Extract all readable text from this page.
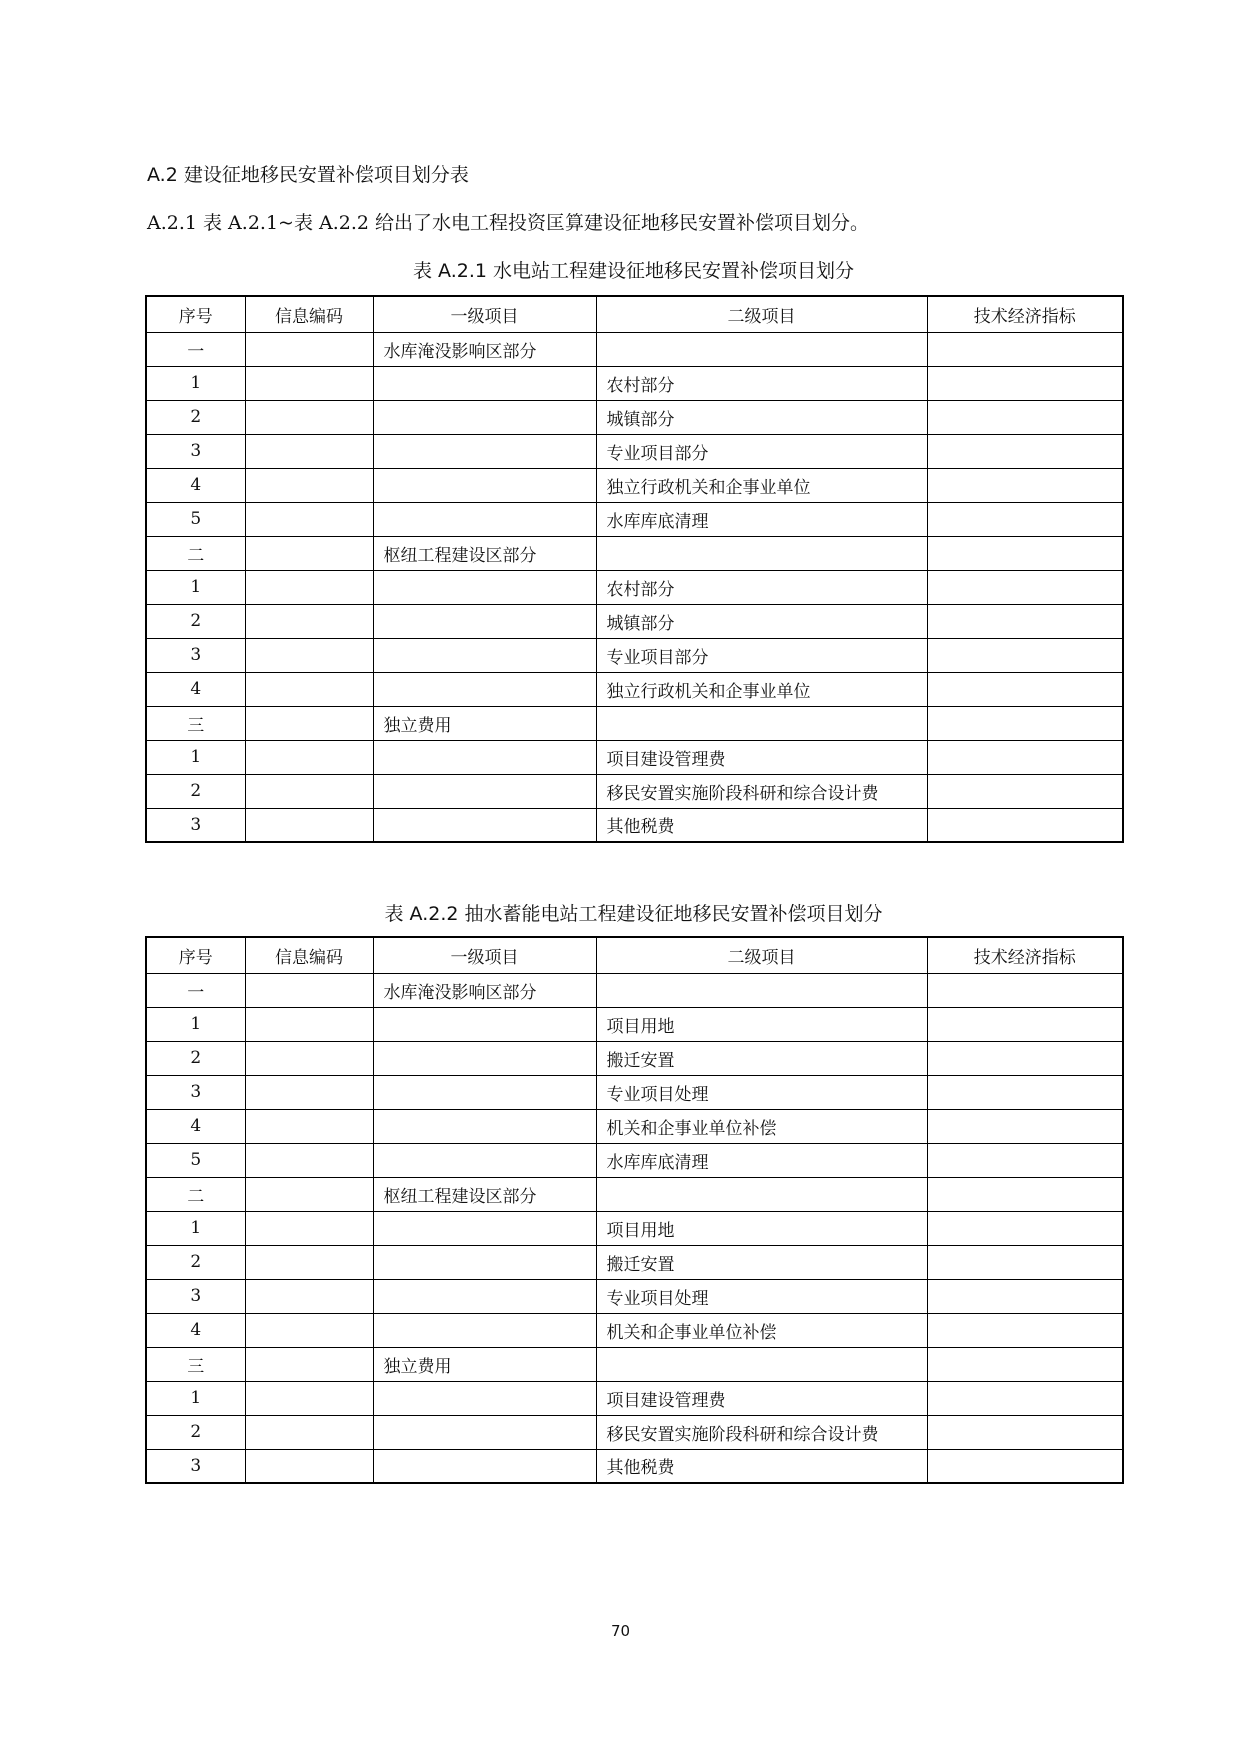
A.2 建设征地移民安置补偿项目划分表
A.2.1 表 A.2.1~表 A.2.2 给出了水电工程投资匡算建设征地移民安置补偿项目划分。
表 A.2.1 水电站工程建设征地移民安置补偿项目划分
序号	信息编码	一级项目	二级项目	技术经济指标
一		水库淹没影响区部分		
1			农村部分	
2			城镇部分	
3			专业项目部分	
4			独立行政机关和企事业单位	
5			水库库底清理	
二		枢纽工程建设区部分		
1			农村部分	
2			城镇部分	
3			专业项目部分	
4			独立行政机关和企事业单位	
三		独立费用		
1			项目建设管理费	
2			移民安置实施阶段科研和综合设计费	
3			其他税费	
表 A.2.2 抽水蓄能电站工程建设征地移民安置补偿项目划分
序号	信息编码	一级项目	二级项目	技术经济指标
一		水库淹没影响区部分		
1			项目用地	
2			搬迁安置	
3			专业项目处理	
4			机关和企事业单位补偿	
5			水库库底清理	
二		枢纽工程建设区部分		
1			项目用地	
2			搬迁安置	
3			专业项目处理	
4			机关和企事业单位补偿	
三		独立费用		
1			项目建设管理费	
2			移民安置实施阶段科研和综合设计费	
3			其他税费	
70
